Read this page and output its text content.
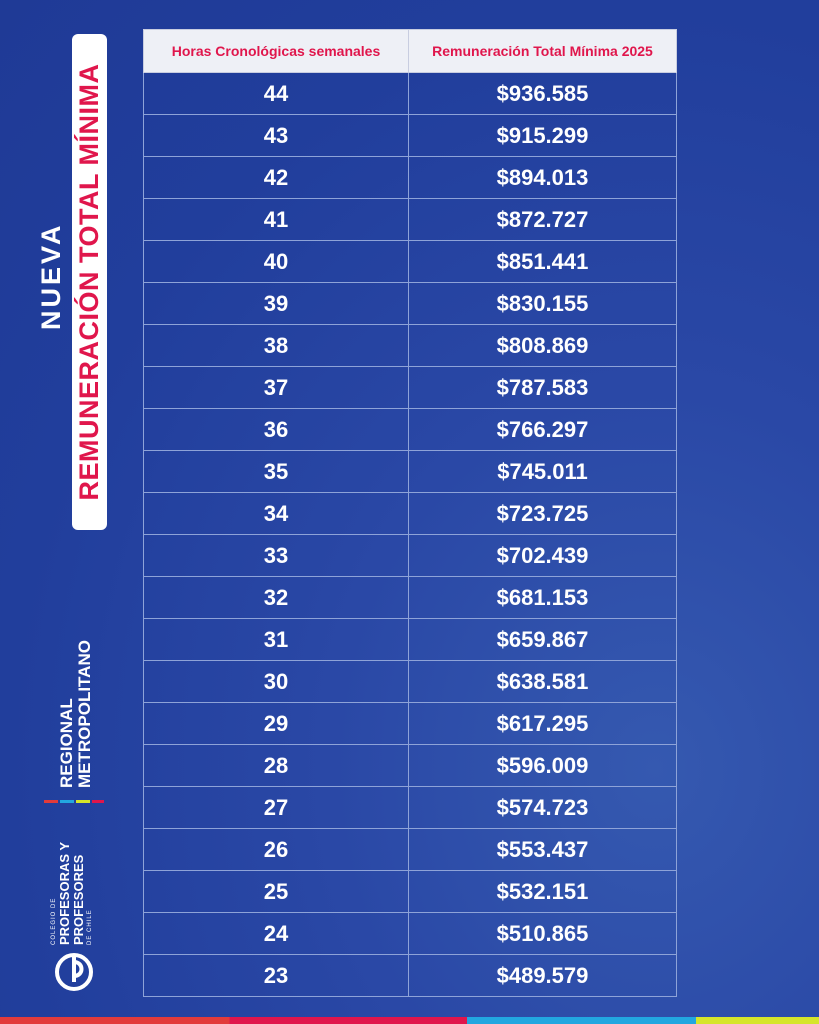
NUEVA REMUNERACIÓN TOTAL MÍNIMA
REGIONAL METROPOLITANO
COLEGIO DE PROFESORAS Y PROFESORES DE CHILE
Horas Cronológicas semanales	Remuneración Total Mínima 2025
44	$936.585
43	$915.299
42	$894.013
41	$872.727
40	$851.441
39	$830.155
38	$808.869
37	$787.583
36	$766.297
35	$745.011
34	$723.725
33	$702.439
32	$681.153
31	$659.867
30	$638.581
29	$617.295
28	$596.009
27	$574.723
26	$553.437
25	$532.151
24	$510.865
23	$489.579
